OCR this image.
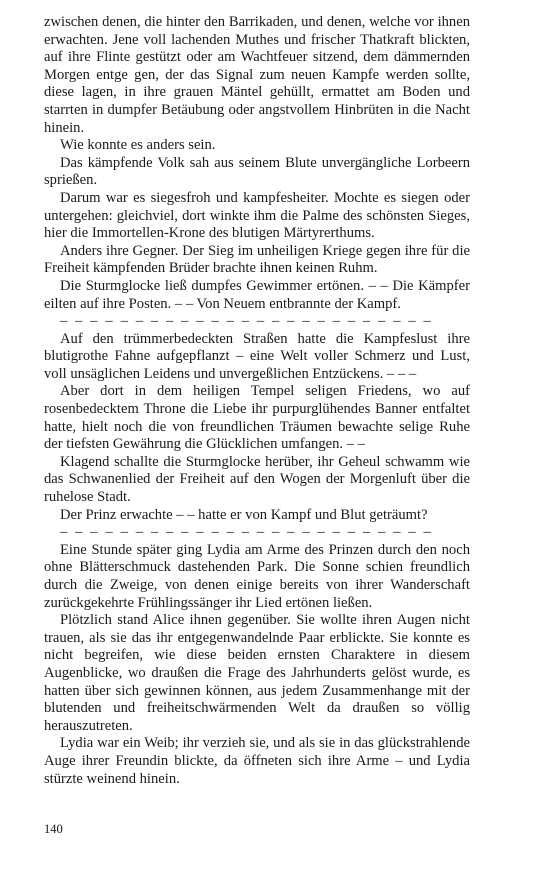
zwischen denen, die hinter den Barrikaden, und denen, welche vor ihnen erwachten. Jene voll lachenden Muthes und frischer Thatkraft blickten, auf ihre Flinte gestützt oder am Wachtfeuer sitzend, dem dämmernden Morgen entge gen, der das Signal zum neuen Kampfe werden sollte, diese lagen, in ihre grauen Mäntel gehüllt, ermattet am Boden und starrten in dumpfer Betäubung oder angstvollem Hinbrüten in die Nacht hinein.

Wie konnte es anders sein.

Das kämpfende Volk sah aus seinem Blute unvergängliche Lorbeern sprießen.

Darum war es siegesfroh und kampfesheiter. Mochte es siegen oder untergehen: gleichviel, dort winkte ihm die Palme des schönsten Sieges, hier die Immortellen-Krone des blutigen Märtyrerthums.

Anders ihre Gegner. Der Sieg im unheiligen Kriege gegen ihre für die Freiheit kämpfenden Brüder brachte ihnen keinen Ruhm.

Die Sturmglocke ließ dumpfes Gewimmer ertönen. – – Die Kämpfer eilten auf ihre Posten. – – Von Neuem entbrannte der Kampf.

– – – – – – – – – – – – – – – – – – – – – – – – –

Auf den trümmerbedeckten Straßen hatte die Kampfeslust ihre blutigrothe Fahne aufgepflanzt – eine Welt voller Schmerz und Lust, voll unsäglichen Leidens und unvergeßlichen Entzückens. – – –

Aber dort in dem heiligen Tempel seligen Friedens, wo auf rosenbedecktem Throne die Liebe ihr purpurglühendes Banner entfaltet hatte, hielt noch die von freundlichen Träumen bewachte selige Ruhe der tiefsten Gewährung die Glücklichen umfangen. – –

Klagend schallte die Sturmglocke herüber, ihr Geheul schwamm wie das Schwanenlied der Freiheit auf den Wogen der Morgenluft über die ruhelose Stadt.

Der Prinz erwachte – – hatte er von Kampf und Blut geträumt?

– – – – – – – – – – – – – – – – – – – – – – – – –

Eine Stunde später ging Lydia am Arme des Prinzen durch den noch ohne Blätterschmuck dastehenden Park. Die Sonne schien freundlich durch die Zweige, von denen einige bereits von ihrer Wanderschaft zurückgekehrte Frühlingssänger ihr Lied ertönen ließen.

Plötzlich stand Alice ihnen gegenüber. Sie wollte ihren Augen nicht trauen, als sie das ihr entgegenwandelnde Paar erblickte. Sie konnte es nicht begreifen, wie diese beiden ernsten Charaktere in diesem Augenblicke, wo draußen die Frage des Jahrhunderts gelöst wurde, es hatten über sich gewinnen können, aus jedem Zusammenhange mit der blutenden und freiheitschwärmenden Welt da draußen so völlig herauszutreten.

Lydia war ein Weib; ihr verzieh sie, und als sie in das glückstrahlende Auge ihrer Freundin blickte, da öffneten sich ihre Arme – und Lydia stürzte weinend hinein.

140
